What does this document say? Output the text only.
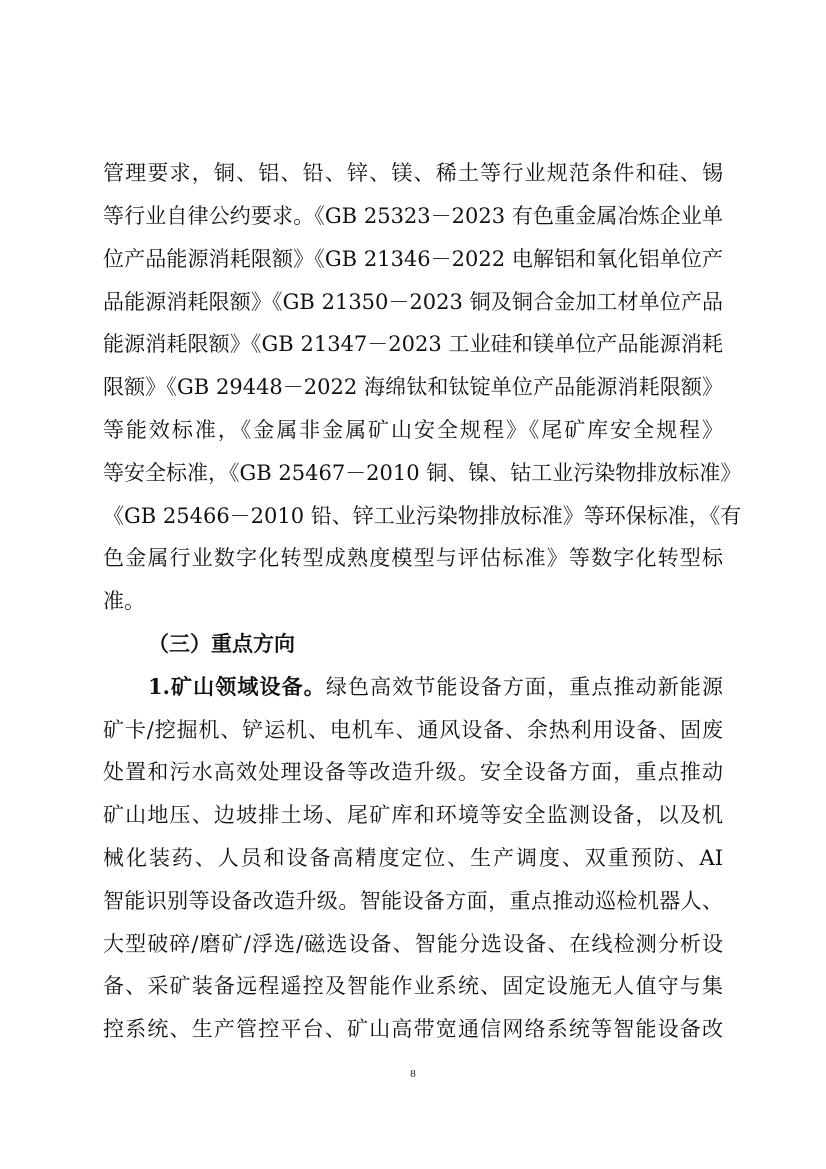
管理要求，铜、铝、铅、锌、镁、稀土等行业规范条件和硅、锡
等行业自律公约要求。《GB 25323－2023 有色重金属冶炼企业单
位产品能源消耗限额》《GB 21346－2022 电解铝和氧化铝单位产
品能源消耗限额》《GB 21350－2023 铜及铜合金加工材单位产品
能源消耗限额》《GB 21347－2023 工业硅和镁单位产品能源消耗
限额》《GB 29448－2022 海绵钛和钛锭单位产品能源消耗限额》
等能效标准，《金属非金属矿山安全规程》《尾矿库安全规程》
等安全标准，《GB 25467－2010 铜、镍、钴工业污染物排放标准》
《GB 25466－2010 铅、锌工业污染物排放标准》等环保标准，《有
色金属行业数字化转型成熟度模型与评估标准》等数字化转型标
准。
（三）重点方向
1.矿山领域设备。绿色高效节能设备方面，重点推动新能源
矿卡/挖掘机、铲运机、电机车、通风设备、余热利用设备、固废
处置和污水高效处理设备等改造升级。安全设备方面，重点推动
矿山地压、边坡排土场、尾矿库和环境等安全监测设备，以及机
械化装药、人员和设备高精度定位、生产调度、双重预防、AI
智能识别等设备改造升级。智能设备方面，重点推动巡检机器人、
大型破碎/磨矿/浮选/磁选设备、智能分选设备、在线检测分析设
备、采矿装备远程遥控及智能作业系统、固定设施无人值守与集
控系统、生产管控平台、矿山高带宽通信网络系统等智能设备改
8
